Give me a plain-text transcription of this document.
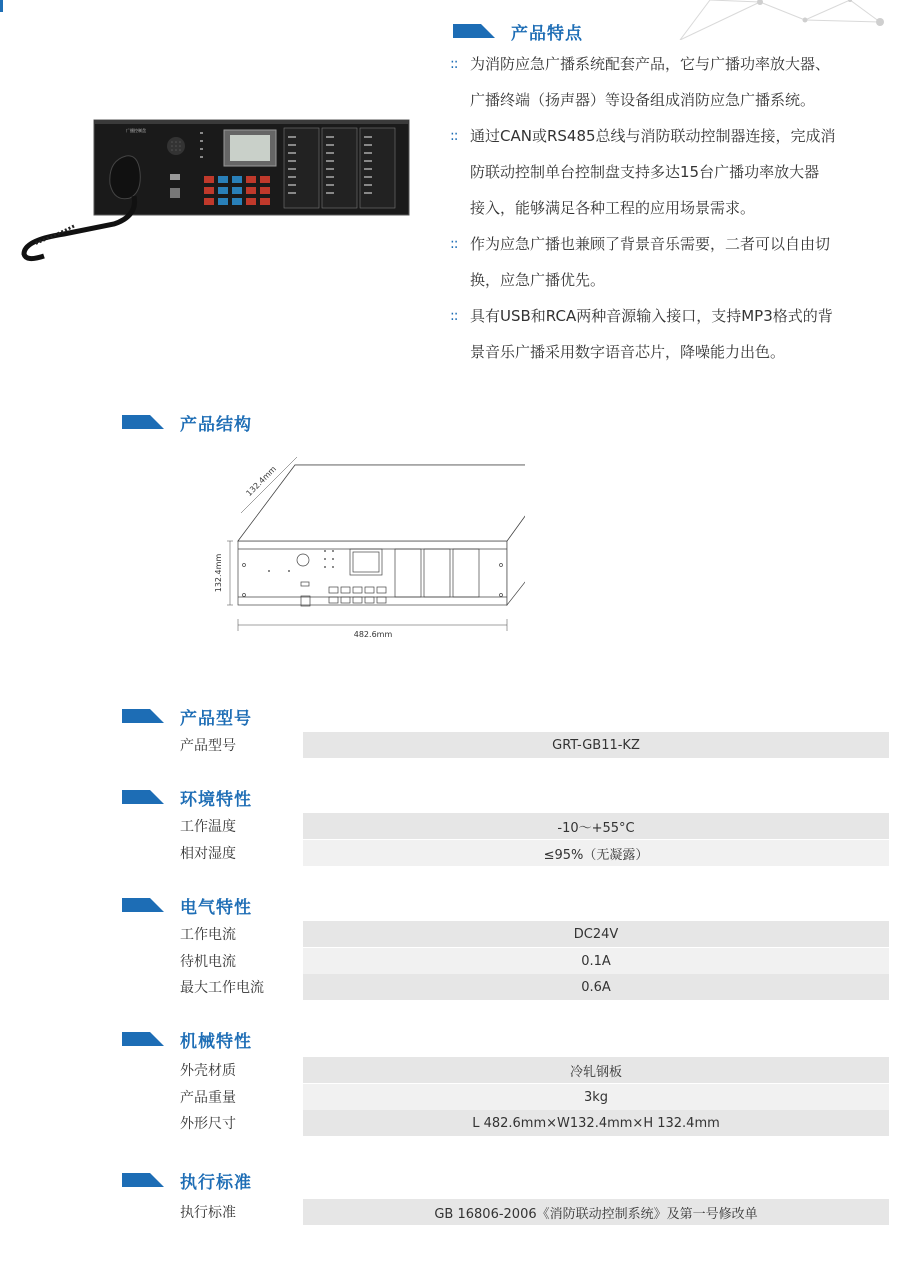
广播控制盘
产品特点
:: 为消防应急广播系统配套产品，它与广播功率放大器、
广播终端（扬声器）等设备组成消防应急广播系统。
:: 通过CAN或RS485总线与消防联动控制器连接，完成消
防联动控制单台控制盘支持多达15台广播功率放大器
接入，能够满足各种工程的应用场景需求。
:: 作为应急广播也兼顾了背景音乐需要，二者可以自由切
换，应急广播优先。
:: 具有USB和RCA两种音源输入接口，支持MP3格式的背
景音乐广播采用数字语音芯片，降噪能力出色。
产品结构
482.6mm
132.4mm
132.4mm
产品型号
产品型号	GRT-GB11-KZ
环境特性
工作温度	-10～+55°C
相对湿度	≤95%（无凝露）
电气特性
工作电流	DC24V
待机电流	0.1A
最大工作电流	0.6A
机械特性
外壳材质	冷轧钢板
产品重量	3kg
外形尺寸	L 482.6mm×W132.4mm×H 132.4mm
执行标准
执行标准	GB 16806-2006《消防联动控制系统》及第一号修改单
